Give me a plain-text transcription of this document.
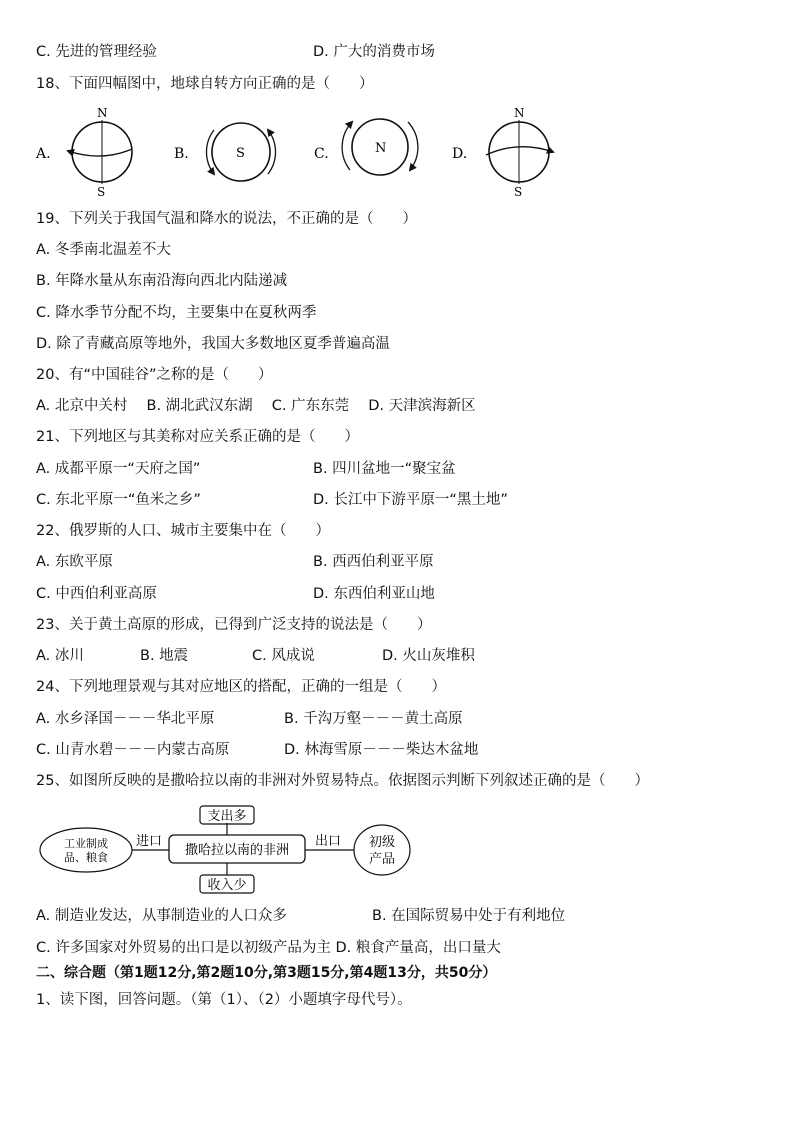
C. 先进的管理经验	D. 广大的消费市场
18、下面四幅图中，地球自转方向正确的是（　　）
A.
N
S
B.	S	C.	N	D.
N
S
19、下列关于我国气温和降水的说法，不正确的是（　　）
A. 冬季南北温差不大
B. 年降水量从东南沿海向西北内陆递减
C. 降水季节分配不均，主要集中在夏秋两季
D. 除了青藏高原等地外，我国大多数地区夏季普遍高温
20、有“中国硅谷”之称的是（　　）
A. 北京中关村　 B. 湖北武汉东湖　 C. 广东东莞　 D. 天津滨海新区
21、下列地区与其美称对应关系正确的是（　　）
A. 成都平原一“天府之国”	B. 四川盆地一“聚宝盆
C. 东北平原一“鱼米之乡”	D. 长江中下游平原一“黑土地”
22、俄罗斯的人口、城市主要集中在（　　）
A. 东欧平原	B. 西西伯利亚平原
C. 中西伯利亚高原	D. 东西伯利亚山地
23、关于黄土高原的形成，已得到广泛支持的说法是（　　）
A. 冰川	B. 地震	C. 风成说	D. 火山灰堆积
24、下列地理景观与其对应地区的搭配，正确的一组是（　　）
A. 水乡泽国－－－华北平原	B. 千沟万壑－－－黄土高原
C. 山青水碧－－－内蒙古高原	D. 林海雪原－－－柴达木盆地
25、如图所反映的是撒哈拉以南的非洲对外贸易特点。依据图示判断下列叙述正确的是（　　）
工业制成
品、粮食
进口
撒哈拉以南的非洲
出口 初级
产品
支出多
收入少
A. 制造业发达，从事制造业的人口众多	B. 在国际贸易中处于有利地位
C. 许多国家对外贸易的出口是以初级产品为主 D. 粮食产量高，出口量大
二、综合题（第1题12分,第2题10分,第3题15分,第4题13分，共50分）
1、读下图，回答问题。（第（1）、（2）小题填字母代号）。
